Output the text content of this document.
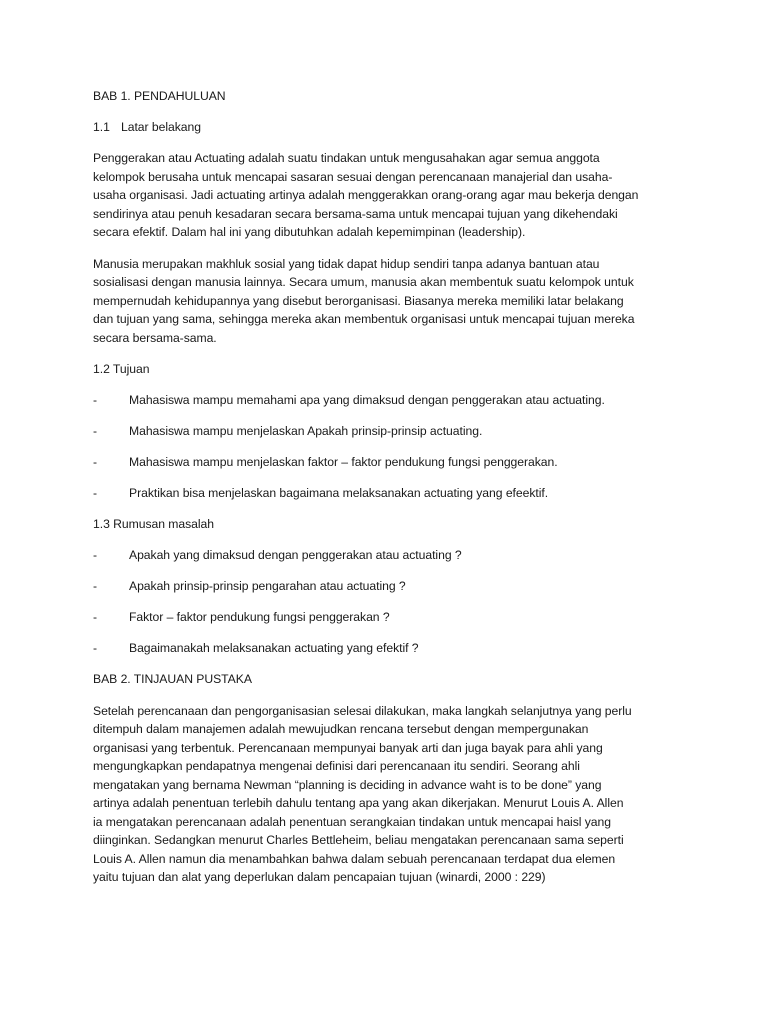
BAB 1. PENDAHULUAN
1.1 Latar belakang
Penggerakan atau Actuating adalah suatu tindakan untuk mengusahakan agar semua anggota
kelompok berusaha untuk mencapai sasaran sesuai dengan perencanaan manajerial dan usaha-
usaha organisasi. Jadi actuating artinya adalah menggerakkan orang-orang agar mau bekerja dengan
sendirinya atau penuh kesadaran secara bersama-sama untuk mencapai tujuan yang dikehendaki
secara efektif. Dalam hal ini yang dibutuhkan adalah kepemimpinan (leadership).
Manusia merupakan makhluk sosial yang tidak dapat hidup sendiri tanpa adanya bantuan atau
sosialisasi dengan manusia lainnya. Secara umum, manusia akan membentuk suatu kelompok untuk
mempernudah kehidupannya yang disebut berorganisasi. Biasanya mereka memiliki latar belakang
dan tujuan yang sama, sehingga mereka akan membentuk organisasi untuk mencapai tujuan mereka
secara bersama-sama.
1.2 Tujuan
-	Mahasiswa mampu memahami apa yang dimaksud dengan penggerakan atau actuating.
-	Mahasiswa mampu menjelaskan Apakah prinsip-prinsip actuating.
-	Mahasiswa mampu menjelaskan faktor – faktor pendukung fungsi penggerakan.
-	Praktikan bisa menjelaskan bagaimana melaksanakan actuating yang efeektif.
1.3 Rumusan masalah
-	Apakah yang dimaksud dengan penggerakan atau actuating ?
-	Apakah prinsip-prinsip pengarahan atau actuating ?
-	Faktor – faktor pendukung fungsi penggerakan ?
-	Bagaimanakah melaksanakan actuating yang efektif ?
BAB 2. TINJAUAN PUSTAKA
Setelah perencanaan dan pengorganisasian selesai dilakukan, maka langkah selanjutnya yang perlu
ditempuh dalam manajemen adalah mewujudkan rencana tersebut dengan mempergunakan
organisasi yang terbentuk. Perencanaan mempunyai banyak arti dan juga bayak para ahli yang
mengungkapkan pendapatnya mengenai definisi dari perencanaan itu sendiri. Seorang ahli
mengatakan yang bernama Newman “planning is deciding in advance waht is to be done” yang
artinya adalah penentuan terlebih dahulu tentang apa yang akan dikerjakan. Menurut Louis A. Allen
ia mengatakan perencanaan adalah penentuan serangkaian tindakan untuk mencapai haisl yang
diinginkan. Sedangkan menurut Charles Bettleheim, beliau mengatakan perencanaan sama seperti
Louis A. Allen namun dia menambahkan bahwa dalam sebuah perencanaan terdapat dua elemen
yaitu tujuan dan alat yang deperlukan dalam pencapaian tujuan (winardi, 2000 : 229)
